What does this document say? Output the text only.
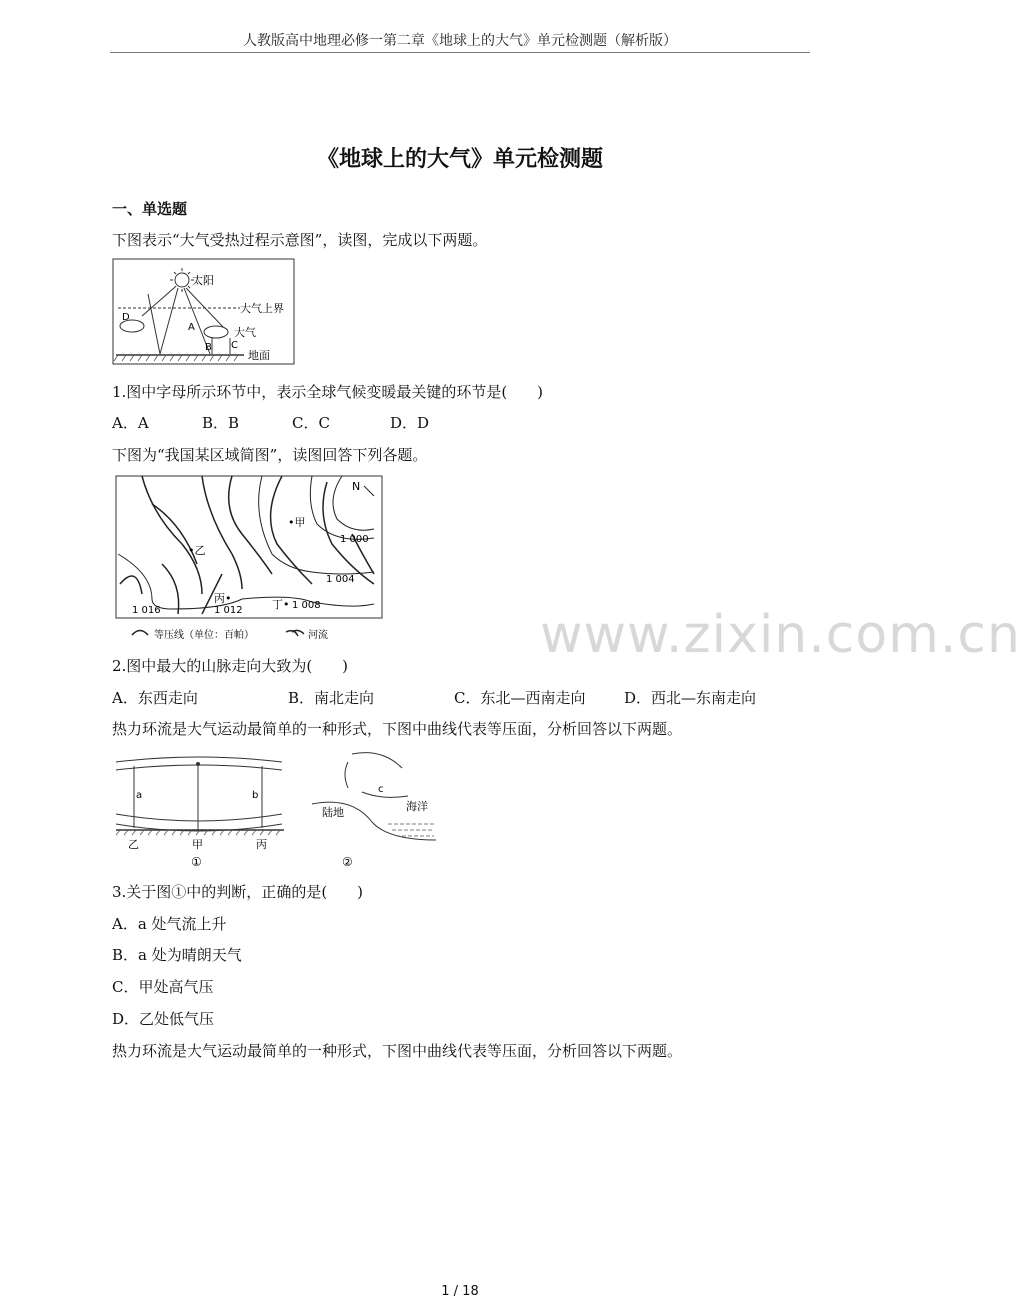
人教版高中地理必修一第二章《地球上的大气》单元检测题（解析版）
《地球上的大气》单元检测题
一、单选题
下图表示“大气受热过程示意图”，读图，完成以下两题。
太阳
大气上界
D
A	大气
B C
地面
1.图中字母所示环节中，表示全球气候变暖最关键的环节是(　　)
A．A	B．B	C．C	D．D
下图为“我国某区域简图”，读图回答下列各题。
N
•甲
•乙
丙•	丁•
1 000
1 004
1 008
1 012
1 016
等压线（单位：百帕）	河流
2.图中最大的山脉走向大致为(　　)
A．东西走向	B．南北走向	C．东北—西南走向	D．西北—东南走向
热力环流是大气运动最简单的一种形式，下图中曲线代表等压面，分析回答以下两题。
a	b
乙	甲	丙
①
陆地
c
海洋
②
3.关于图①中的判断，正确的是(　　)
A．a 处气流上升
B．a 处为晴朗天气
C．甲处高气压
D．乙处低气压
热力环流是大气运动最简单的一种形式，下图中曲线代表等压面，分析回答以下两题。
www.zixin.com.cn
1 / 18
